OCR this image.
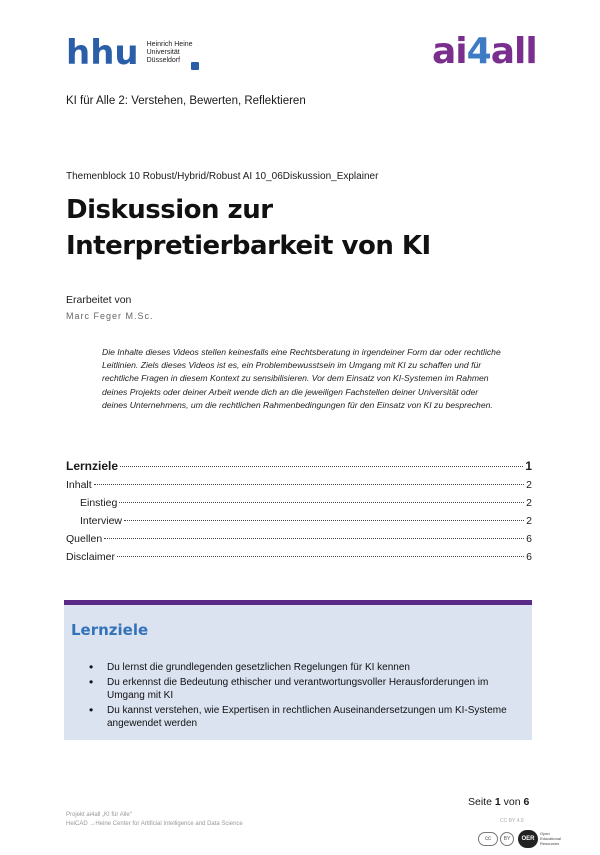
hhu Heinrich Heine
Universität
Düsseldorf	ai4all
KI für Alle 2: Verstehen, Bewerten, Reflektieren
Themenblock 10 Robust/Hybrid/Robust AI 10_06Diskussion_Explainer
Diskussion zur
Interpretierbarkeit von KI
Erarbeitet von
Marc Feger M.Sc.
Die Inhalte dieses Videos stellen keinesfalls eine Rechtsberatung in irgendeiner Form dar oder rechtliche Leitlinien. Ziels dieses Videos ist es, ein Problembewusstsein im Umgang mit KI zu schaffen und für rechtliche Fragen in diesem Kontext zu sensibilisieren. Vor dem Einsatz von KI-Systemen im Rahmen deines Projekts oder deiner Arbeit wende dich an die jeweiligen Fachstellen deiner Universität oder deines Unternehmens, um die rechtlichen Rahmenbedingungen für den Einsatz von KI zu besprechen.
Lernziele	1
Inhalt	2
Einstieg	2
Interview	2
Quellen	6
Disclaimer	6
Lernziele
• Du lernst die grundlegenden gesetzlichen Regelungen für KI kennen
• Du erkennst die Bedeutung ethischer und verantwortungsvoller Herausforderungen im Umgang mit KI
• Du kannst verstehen, wie Expertisen in rechtlichen Auseinandersetzungen um KI-Systeme angewendet werden
Seite 1 von 6
Projekt ai4all „KI für Alle“
HeiCAD →Heine Center for Artificial Intelligence and Data Science	CC BY 4.0
cc	BY	OER
Open Educational Resources
